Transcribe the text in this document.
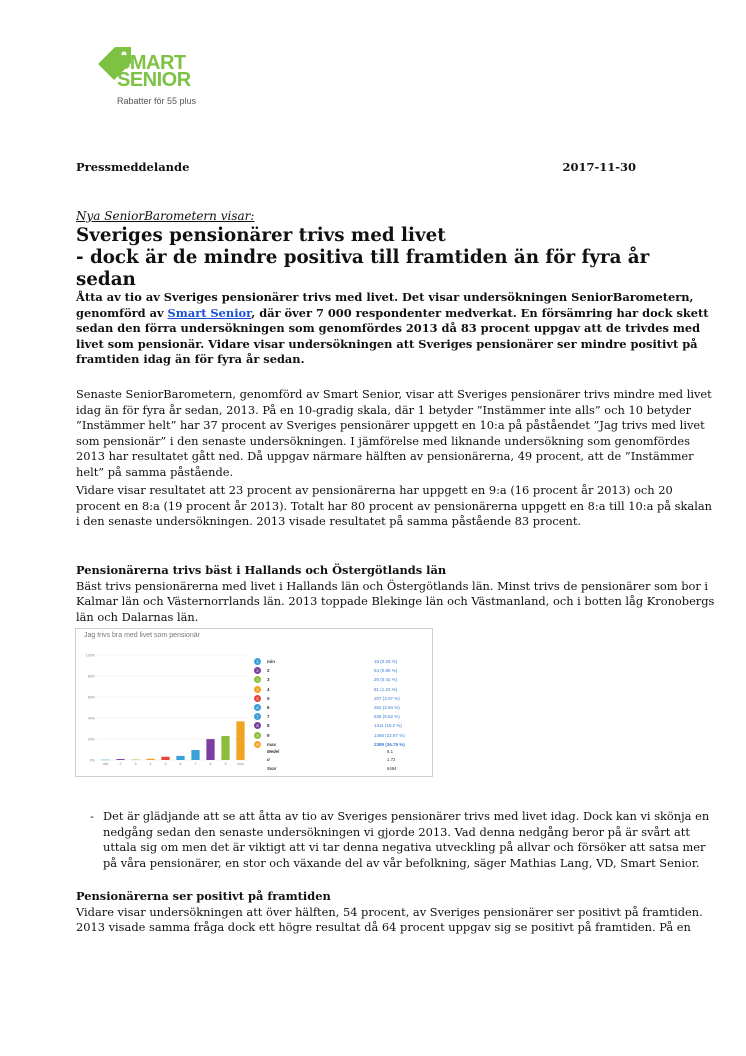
SMART
SENIOR
Rabatter för 55 plus
Pressmeddelande	2017-11-30
Nya SeniorBarometern visar:
Sveriges pensionärer trivs med livet
- dock är de mindre positiva till framtiden än för fyra år sedan
Åtta av tio av Sveriges pensionärer trivs med livet. Det visar undersökningen SeniorBarometern, genomförd av Smart Senior, där över 7 000 respondenter medverkat. En försämring har dock skett sedan den förra undersökningen som genomfördes 2013 då 83 procent uppgav att de trivdes med livet som pensionär. Vidare visar undersökningen att Sveriges pensionärer ser mindre positivt på framtiden idag än för fyra år sedan.
Senaste SeniorBarometern, genomförd av Smart Senior, visar att Sveriges pensionärer trivs mindre med livet idag än för fyra år sedan, 2013. På en 10-gradig skala, där 1 betyder ”Instämmer inte alls” och 10 betyder ”Instämmer helt” har 37 procent av Sveriges pensionärer uppgett en 10:a på påståendet ”Jag trivs med livet som pensionär” i den senaste undersökningen. I jämförelse med liknande undersökning som genomfördes 2013 har resultatet gått ned. Då uppgav närmare hälften av pensionärerna, 49 procent, att de ”Instämmer helt” på samma påstående.
Vidare visar resultatet att 23 procent av pensionärerna har uppgett en 9:a (16 procent år 2013) och 20 procent en 8:a (19 procent år 2013). Totalt har 80 procent av pensionärerna uppgett en 8:a till 10:a på skalan i den senaste undersökningen. 2013 visade resultatet på samma påstående 83 procent.
Pensionärerna trivs bäst i Hallands och Östergötlands län
Bäst trivs pensionärerna med livet i Hallands län och Östergötlands län. Minst trivs de pensionärer som bor i Kalmar län och Västernorrlands län. 2013 toppade Blekinge län och Västmanland, och i botten låg Kronobergs län och Dalarnas län.
Jag trivs bra med livet som pensionär
0%
20%
40%
60%
80%
100%
min	2	3	4	5	6	7	8	9	max
1	min	15 (0.25 %)
2	2	54 (0.85 %)
3	3	26 (0.42 %)
4	4	81 (1.23 %)
5	5	207 (3.07 %)
6	6	262 (3.94 %)
7	7	636 (9.52 %)
8	8	1311 (19.2 %)
9	9	1466 (22.87 %)
10 max	2389 (36.79 %)
Medel	8.1
σ	1.72
Svar	6494
- Det är glädjande att se att åtta av tio av Sveriges pensionärer trivs med livet idag. Dock kan vi skönja en nedgång sedan den senaste undersökningen vi gjorde 2013. Vad denna nedgång beror på är svårt att uttala sig om men det är viktigt att vi tar denna negativa utveckling på allvar och försöker att satsa mer på våra pensionärer, en stor och växande del av vår befolkning, säger Mathias Lang, VD, Smart Senior.
Pensionärerna ser positivt på framtiden
Vidare visar undersökningen att över hälften, 54 procent, av Sveriges pensionärer ser positivt på framtiden. 2013 visade samma fråga dock ett högre resultat då 64 procent uppgav sig se positivt på framtiden. På en
